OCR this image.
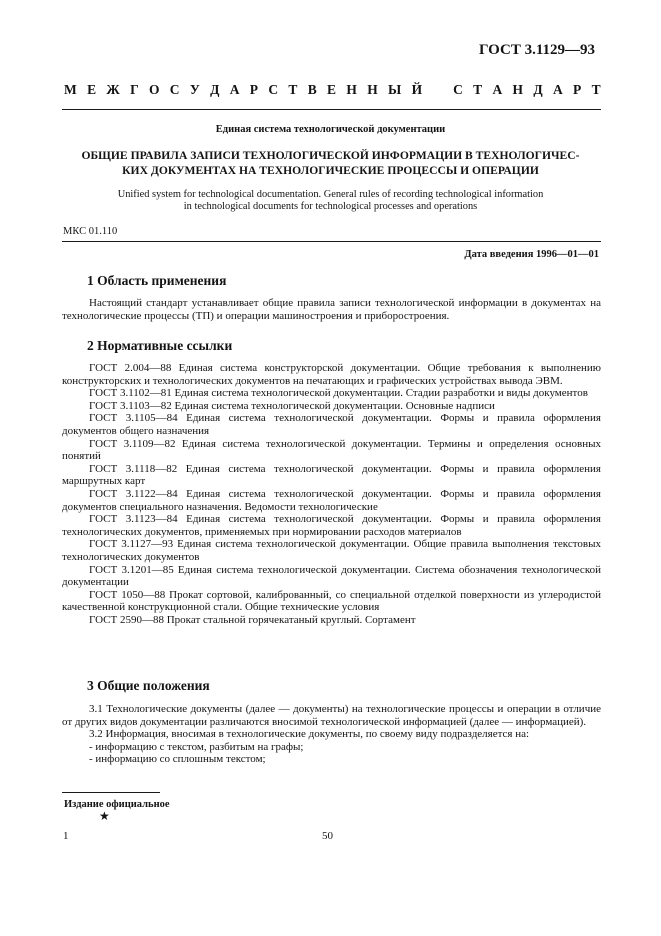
ГОСТ 3.1129—93
М Е Ж Г О С У Д А Р С Т В Е Н Н Ы Й С Т А Н Д А Р Т
Единая система технологической документации
ОБЩИЕ ПРАВИЛА ЗАПИСИ ТЕХНОЛОГИЧЕСКОЙ ИНФОРМАЦИИ В ТЕХНОЛОГИЧЕС-
КИХ ДОКУМЕНТАХ НА ТЕХНОЛОГИЧЕСКИЕ ПРОЦЕССЫ И ОПЕРАЦИИ
Unified system for technological documentation. General rules of recording technological information
in technological documents for technological processes and operations
МКС 01.110
Дата введения 1996—01—01
1 Область применения

Настоящий стандарт устанавливает общие правила записи технологической информации в документах на технологические процессы (ТП) и операции машиностроения и приборостроения.

2 Нормативные ссылки

ГОСТ 2.004—88 Единая система конструкторской документации. Общие требования к выполнению конструкторских и технологических документов на печатающих и графических устройствах вывода ЭВМ.

ГОСТ 3.1102—81 Единая система технологической документации. Стадии разработки и виды документов

ГОСТ 3.1103—82 Единая система технологической документации. Основные надписи

ГОСТ 3.1105—84 Единая система технологической документации. Формы и правила оформления документов общего назначения

ГОСТ 3.1109—82 Единая система технологической документации. Термины и определения основных понятий

ГОСТ 3.1118—82 Единая система технологической документации. Формы и правила оформления маршрутных карт

ГОСТ 3.1122—84 Единая система технологической документации. Формы и правила оформления документов специального назначения. Ведомости технологические

ГОСТ 3.1123—84 Единая система технологической документации. Формы и правила оформления технологических документов, применяемых при нормировании расходов материалов

ГОСТ 3.1127—93 Единая система технологической документации. Общие правила выполнения текстовых технологических документов

ГОСТ 3.1201—85 Единая система технологической документации. Система обозначения технологической документации

ГОСТ 1050—88 Прокат сортовой, калиброванный, со специальной отделкой поверхности из углеродистой качественной конструкционной стали. Общие технические условия

ГОСТ 2590—88 Прокат стальной горячекатаный круглый. Сортамент

3 Общие положения

3.1 Технологические документы (далее — документы) на технологические процессы и операции в отличие от других видов документации различаются вносимой технологической информацией (далее — информацией).

3.2 Информация, вносимая в технологические документы, по своему виду подразделяется на:

- информацию с текстом, разбитым на графы;

- информацию со сплошным текстом;

Издание официальное
★
1	50
